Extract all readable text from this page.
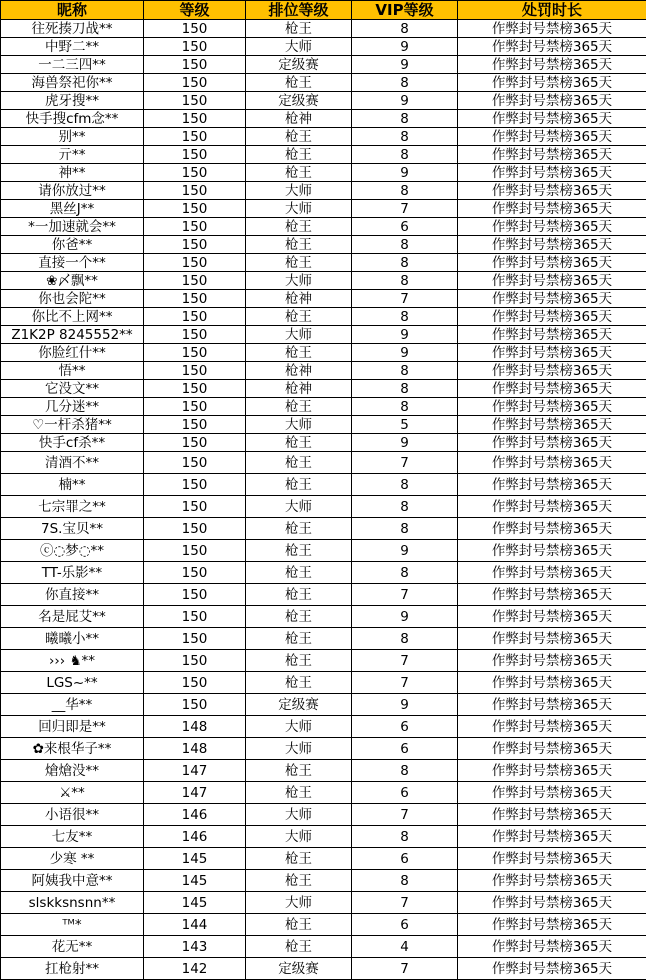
昵称	等级	排位等级	VIP等级	处罚时长
往死揍刀战**	150	枪王	8	作弊封号禁榜365天
中野二**	150	大师	9	作弊封号禁榜365天
一二三四**	150	定级赛	9	作弊封号禁榜365天
海兽祭祀你**	150	枪王	8	作弊封号禁榜365天
虎牙搜**	150	定级赛	9	作弊封号禁榜365天
快手搜cfm念**	150	枪神	8	作弊封号禁榜365天
别**	150	枪王	8	作弊封号禁榜365天
亓**	150	枪王	8	作弊封号禁榜365天
神**	150	枪王	9	作弊封号禁榜365天
请你放过**	150	大师	8	作弊封号禁榜365天
黑丝J**	150	大师	7	作弊封号禁榜365天
*一加速就会**	150	枪王	6	作弊封号禁榜365天
你爸**	150	枪王	8	作弊封号禁榜365天
直接一个**	150	枪王	8	作弊封号禁榜365天
❀〆飘**	150	大师	8	作弊封号禁榜365天
你也会陀**	150	枪神	7	作弊封号禁榜365天
你比不上网**	150	枪王	8	作弊封号禁榜365天
Z1K2P 8245552**	150	大师	9	作弊封号禁榜365天
你脸红什**	150	枪王	9	作弊封号禁榜365天
悟**	150	枪神	8	作弊封号禁榜365天
它没文**	150	枪神	8	作弊封号禁榜365天
几分迷**	150	枪王	8	作弊封号禁榜365天
♡一杆杀猪**	150	大师	5	作弊封号禁榜365天
快手cf杀**	150	枪王	9	作弊封号禁榜365天
清酒不**	150	枪王	7	作弊封号禁榜365天
楠**	150	枪王	8	作弊封号禁榜365天
七宗罪之**	150	大师	8	作弊封号禁榜365天
7S.宝贝**	150	枪王	8	作弊封号禁榜365天
ⓒ◌梦◌**	150	枪王	9	作弊封号禁榜365天
TT-乐影**	150	枪王	8	作弊封号禁榜365天
你直接**	150	枪王	7	作弊封号禁榜365天
名是屁艾**	150	枪王	9	作弊封号禁榜365天
曦曦小**	150	枪王	8	作弊封号禁榜365天
››› ♞**	150	枪王	7	作弊封号禁榜365天
LGS~**	150	枪王	7	作弊封号禁榜365天
__华**	150	定级赛	9	作弊封号禁榜365天
回归即是**	148	大师	6	作弊封号禁榜365天
✿来根华子**	148	大师	6	作弊封号禁榜365天
熗熗没**	147	枪王	8	作弊封号禁榜365天
⚔**	147	枪王	6	作弊封号禁榜365天
小语很**	146	大师	7	作弊封号禁榜365天
七友**	146	大师	8	作弊封号禁榜365天
少寒 **	145	枪王	6	作弊封号禁榜365天
阿姨我中意**	145	枪王	8	作弊封号禁榜365天
slskksnsnn**	145	大师	7	作弊封号禁榜365天
ᵀᴹ*	144	枪王	6	作弊封号禁榜365天
花无**	143	枪王	4	作弊封号禁榜365天
扛枪射**	142	定级赛	7	作弊封号禁榜365天
